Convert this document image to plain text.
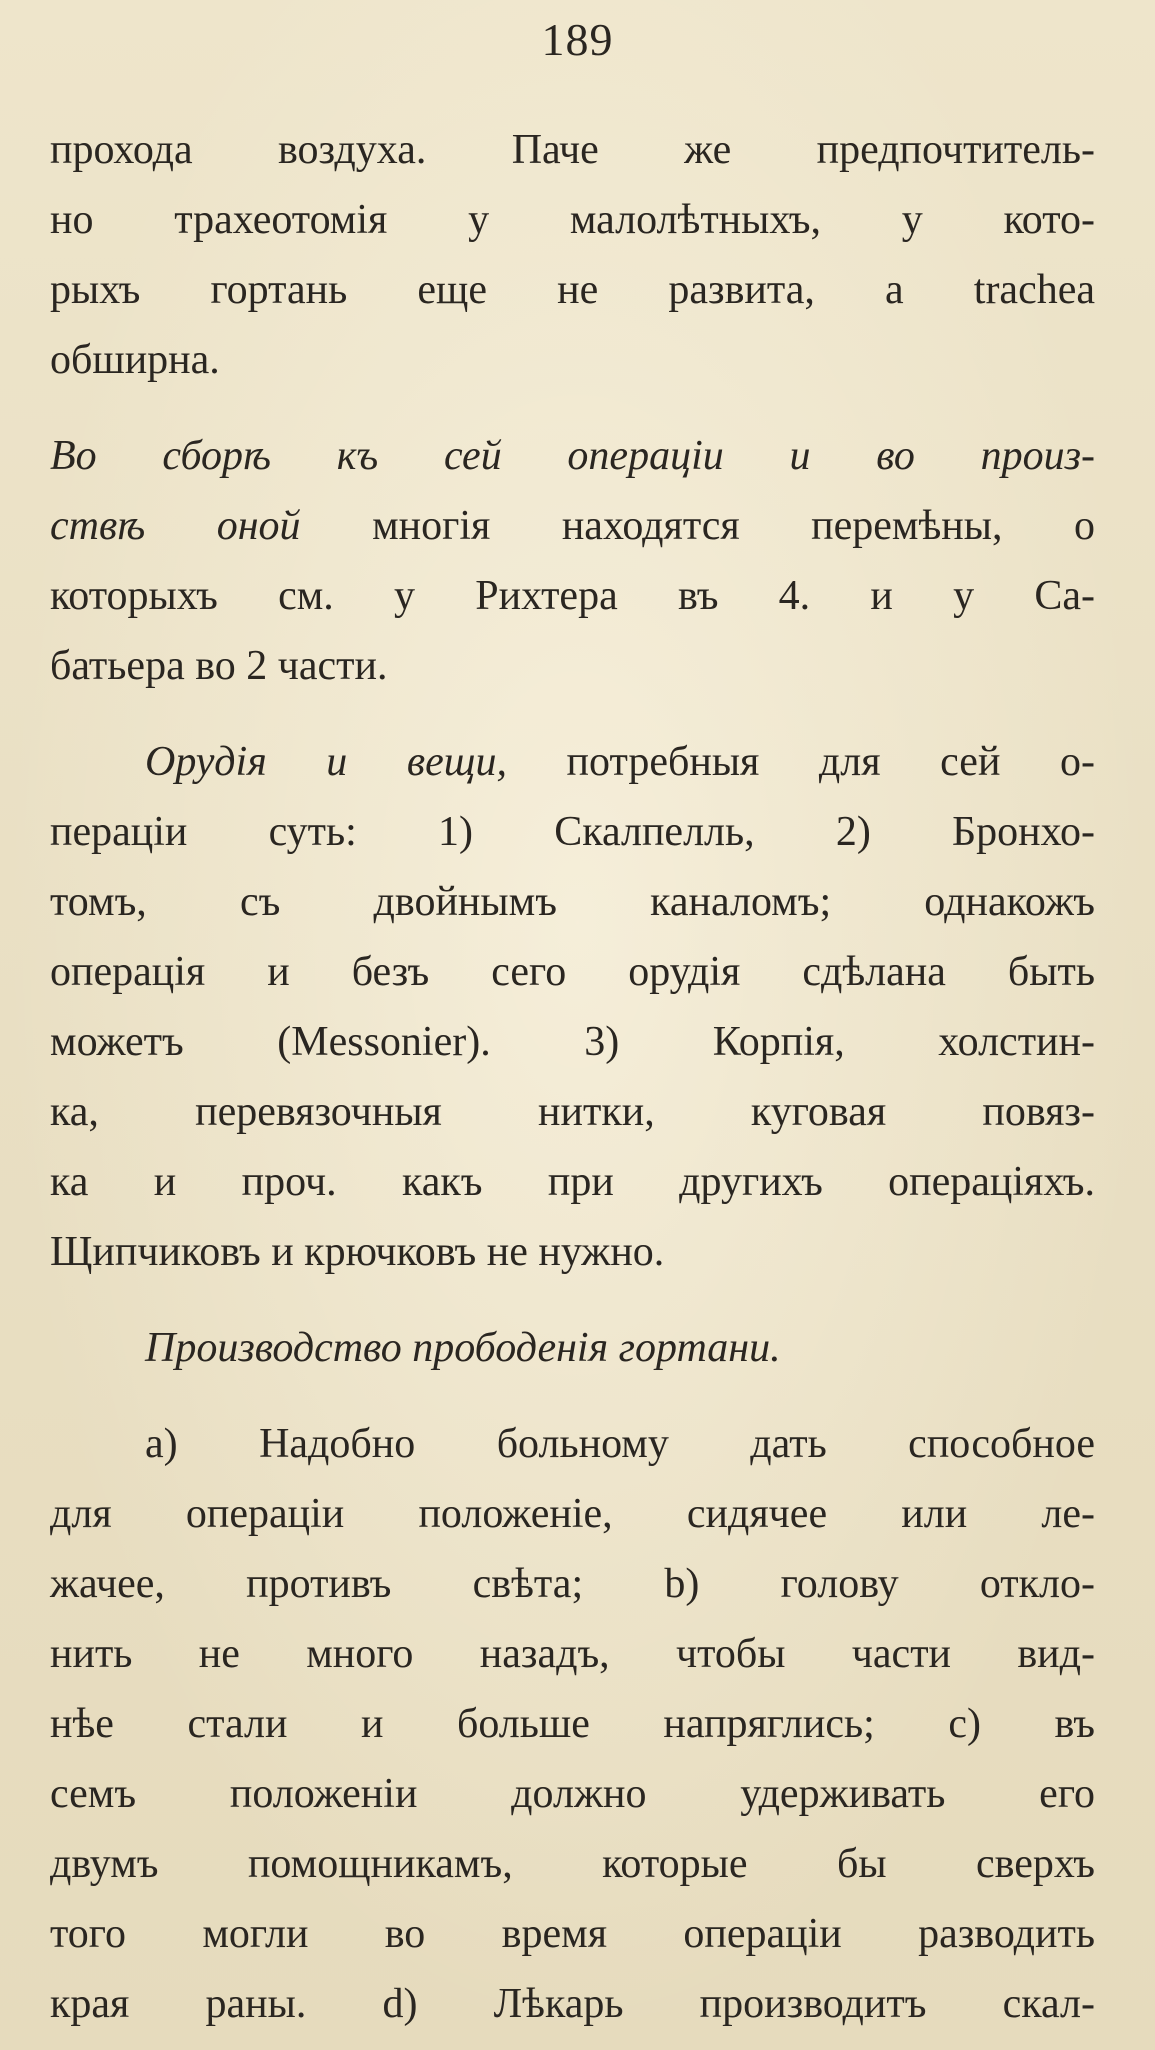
189
прохода воздуха. Паче же предпочтитель-
но трахеотомія у малолѣтныхъ, у кото-
рыхъ гортань еще не развита, а trachea
обширна.
Во сборѣ къ сей операціи и во произ-
ствѣ оной многія находятся перемѣны, о
которыхъ см. у Рихтера въ 4. и у Са-
батьера во 2 части.
Орудія и вещи, потребныя для сей о-
пераціи суть: 1) Скалпелль, 2) Бронхо-
томъ, съ двойнымъ каналомъ; однакожъ
операція и безъ сего орудія сдѣлана быть
можетъ (Messonier). 3) Корпія, холстин-
ка, перевязочныя нитки, куговая повяз-
ка и проч. какъ при другихъ операціяхъ.
Щипчиковъ и крючковъ не нужно.
Производство прободенія гортани.
а) Надобно больному дать способное
для операціи положеніе, сидячее или ле-
жачее, противъ свѣта; b) голову откло-
нить не много назадъ, чтобы части вид-
нѣе стали и больше напряглись; c) въ
семъ положеніи должно удерживать его
двумъ помощникамъ, которые бы сверхъ
того могли во время операціи разводить
края раны. d) Лѣкарь производитъ скал-
